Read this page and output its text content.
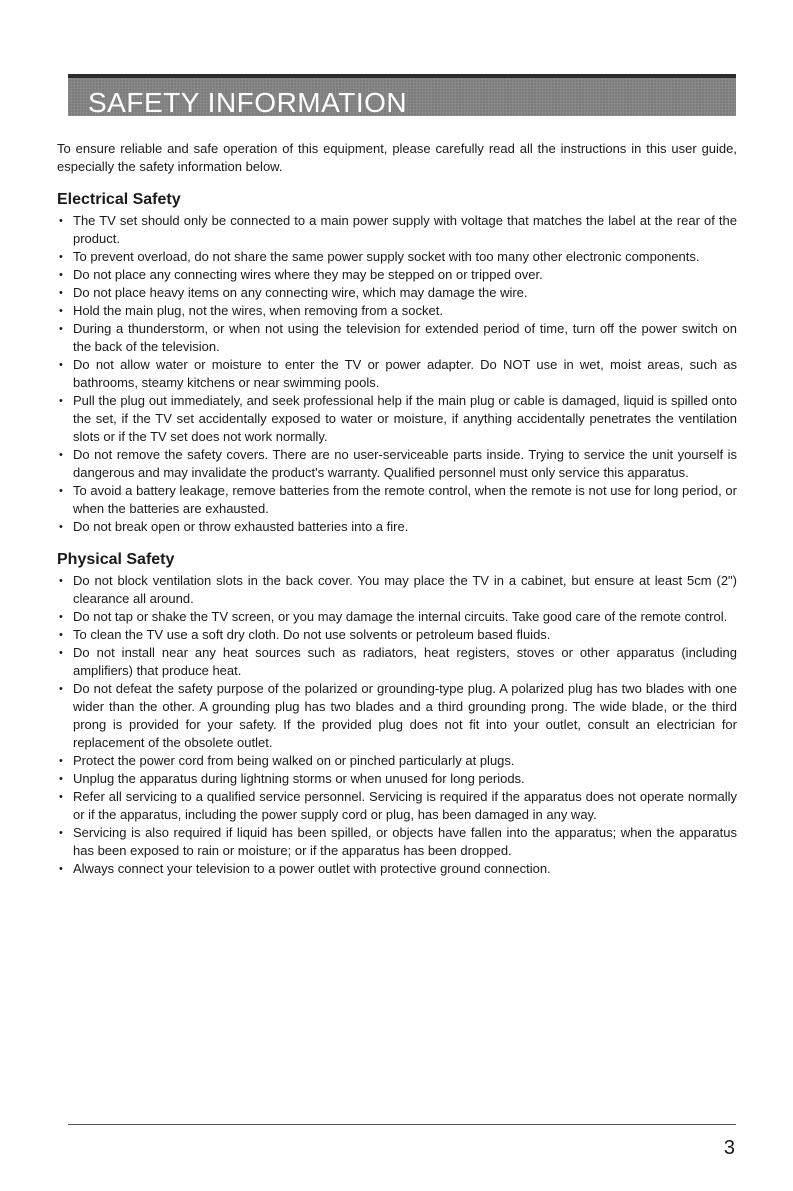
SAFETY INFORMATION

To ensure reliable and safe operation of this equipment, please carefully read all the instructions in this user guide, especially the safety information below.

Electrical Safety
• The TV set should only be connected to a main power supply with voltage that matches the label at the rear of the product.
• To prevent overload, do not share the same power supply socket with too many other electronic components.
• Do not place any connecting wires where they may be stepped on or tripped over.
• Do not place heavy items on any connecting wire, which may damage the wire.
• Hold the main plug, not the wires, when removing from a socket.
• During a thunderstorm, or when not using the television for extended period of time, turn off the power switch on the back of the television.
• Do not allow water or moisture to enter the TV or power adapter. Do NOT use in wet, moist areas, such as bathrooms, steamy kitchens or near swimming pools.
• Pull the plug out immediately, and seek professional help if the main plug or cable is damaged, liquid is spilled onto the set, if the TV set accidentally exposed to water or moisture, if anything accidentally penetrates the ventilation slots or if the TV set does not work normally.
• Do not remove the safety covers. There are no user-serviceable parts inside. Trying to service the unit yourself is dangerous and may invalidate the product's warranty. Qualified personnel must only service this apparatus.
• To avoid a battery leakage, remove batteries from the remote control, when the remote is not use for long period, or when the batteries are exhausted.
• Do not break open or throw exhausted batteries into a fire.
Physical Safety
• Do not block ventilation slots in the back cover. You may place the TV in a cabinet, but ensure at least 5cm (2") clearance all around.
• Do not tap or shake the TV screen, or you may damage the internal circuits. Take good care of the remote control.
• To clean the TV use a soft dry cloth. Do not use solvents or petroleum based fluids.
• Do not install near any heat sources such as radiators, heat registers, stoves or other apparatus (including amplifiers) that produce heat.
• Do not defeat the safety purpose of the polarized or grounding-type plug. A polarized plug has two blades with one wider than the other. A grounding plug has two blades and a third grounding prong. The wide blade, or the third prong is provided for your safety. If the provided plug does not fit into your outlet, consult an electrician for replacement of the obsolete outlet.
• Protect the power cord from being walked on or pinched particularly at plugs.
• Unplug the apparatus during lightning storms or when unused for long periods.
• Refer all servicing to a qualified service personnel. Servicing is required if the apparatus does not operate normally or if the apparatus, including the power supply cord or plug, has been damaged in any way.
• Servicing is also required if liquid has been spilled, or objects have fallen into the apparatus; when the apparatus has been exposed to rain or moisture; or if the apparatus has been dropped.
• Always connect your television to a power outlet with protective ground connection.
3
